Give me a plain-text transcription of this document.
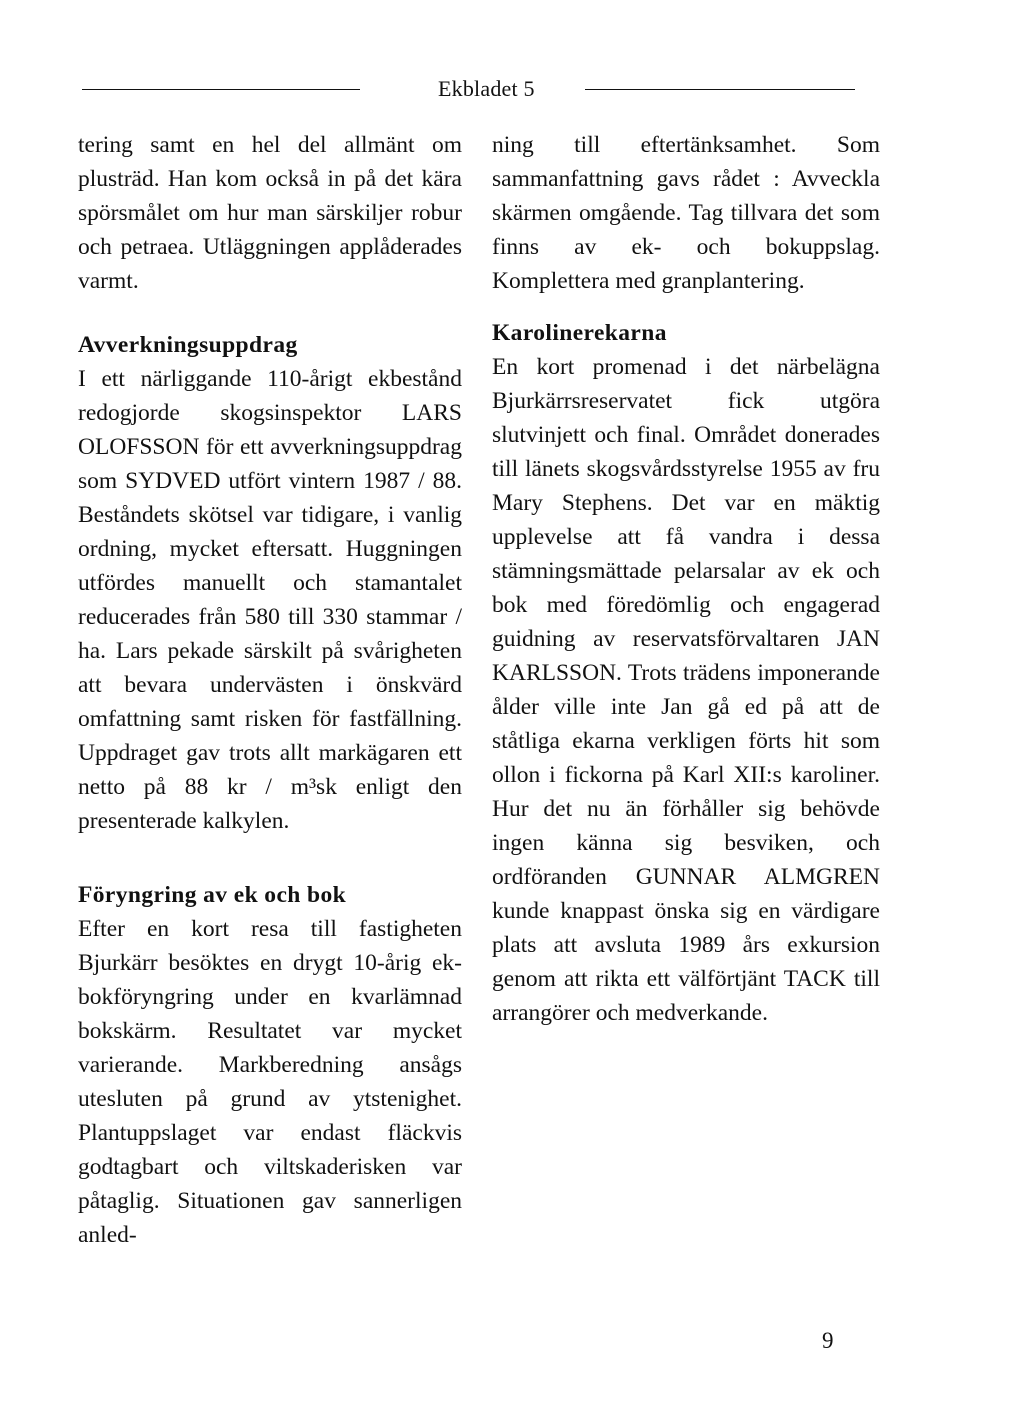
Ekbladet 5

tering samt en hel del allmänt om plusträd. Han kom också in på det kära spörsmålet om hur man särskiljer robur och petraea. Utläggningen applåderades varmt.

Avverkningsuppdrag

I ett närliggande 110-årigt ekbestånd redogjorde skogsinspektor LARS OLOFSSON för ett avverkningsuppdrag som SYDVED utfört vintern 1987 / 88. Beståndets skötsel var tidigare, i vanlig ordning, mycket eftersatt. Huggningen utfördes manuellt och stamantalet reducerades från 580 till 330 stammar / ha. Lars pekade särskilt på svårigheten att bevara undervästen i önskvärd omfattning samt risken för fastfällning. Uppdraget gav trots allt markägaren ett netto på 88 kr / m³sk enligt den presenterade kalkylen.

Föryngring av ek och bok

Efter en kort resa till fastigheten Bjurkärr besöktes en drygt 10-årig ek-bokföryngring under en kvarlämnad bokskärm. Resultatet var mycket varierande. Markberedning ansågs utesluten på grund av ytstenighet. Plantuppslaget var endast fläckvis godtagbart och viltskaderisken var påtaglig. Situationen gav sannerligen anled-

ning till eftertänksamhet. Som sammanfattning gavs rådet : Avveckla skärmen omgående. Tag tillvara det som finns av ek- och bokuppslag. Komplettera med granplantering.

Karolinerekarna

En kort promenad i det närbelägna Bjurkärrsreservatet fick utgöra slutvinjett och final. Området donerades till länets skogsvårdsstyrelse 1955 av fru Mary Stephens. Det var en mäktig upplevelse att få vandra i dessa stämningsmättade pelarsalar av ek och bok med föredömlig och engagerad guidning av reservatsförvaltaren JAN KARLSSON. Trots trädens imponerande ålder ville inte Jan gå ed på att de ståtliga ekarna verkligen förts hit som ollon i fickorna på Karl XII:s karoliner. Hur det nu än förhåller sig behövde ingen känna sig besviken, och ordföranden GUNNAR ALMGREN kunde knappast önska sig en värdigare plats att avsluta 1989 års exkursion genom att rikta ett välförtjänt TACK till arrangörer och medverkande.

9
